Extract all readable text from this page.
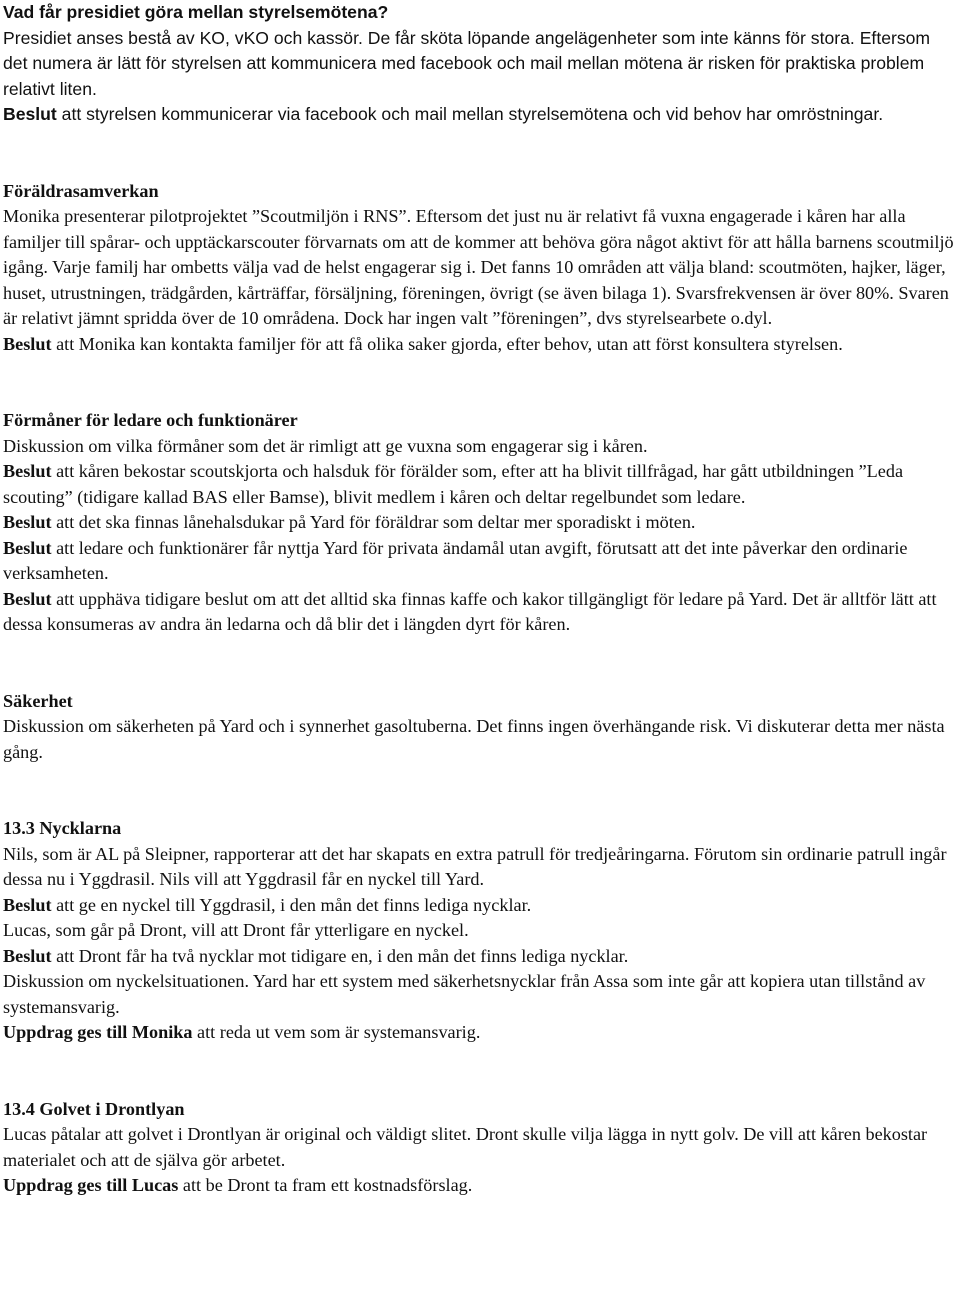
Vad får presidiet göra mellan styrelsemötena?

Presidiet anses bestå av KO, vKO och kassör. De får sköta löpande angelägenheter som inte känns för stora. Eftersom det numera är lätt för styrelsen att kommunicera med facebook och mail mellan mötena är risken för praktiska problem relativt liten.

Beslut att styrelsen kommunicerar via facebook och mail mellan styrelsemötena och vid behov har omröstningar.

Föräldrasamverkan

Monika presenterar pilotprojektet ”Scoutmiljön i RNS”. Eftersom det just nu är relativt få vuxna engagerade i kåren har alla familjer till spårar- och upptäckarscouter förvarnats om att de kommer att behöva göra något aktivt för att hålla barnens scoutmiljö igång. Varje familj har ombetts välja vad de helst engagerar sig i. Det fanns 10 områden att välja bland: scoutmöten, hajker, läger, huset, utrustningen, trädgården, kårträffar, försäljning, föreningen, övrigt (se även bilaga 1). Svarsfrekvensen är över 80%. Svaren är relativt jämnt spridda över de 10 områdena. Dock har ingen valt ”föreningen”, dvs styrelsearbete o.dyl.

Beslut att Monika kan kontakta familjer för att få olika saker gjorda, efter behov, utan att först konsultera styrelsen.

Förmåner för ledare och funktionärer

Diskussion om vilka förmåner som det är rimligt att ge vuxna som engagerar sig i kåren.

Beslut att kåren bekostar scoutskjorta och halsduk för förälder som, efter att ha blivit tillfrågad, har gått utbildningen ”Leda scouting” (tidigare kallad BAS eller Bamse), blivit medlem i kåren och deltar regelbundet som ledare.

Beslut att det ska finnas lånehalsdukar på Yard för föräldrar som deltar mer sporadiskt i möten.

Beslut att ledare och funktionärer får nyttja Yard för privata ändamål utan avgift, förutsatt att det inte påverkar den ordinarie verksamheten.

Beslut att upphäva tidigare beslut om att det alltid ska finnas kaffe och kakor tillgängligt för ledare på Yard. Det är alltför lätt att dessa konsumeras av andra än ledarna och då blir det i längden dyrt för kåren.

Säkerhet

Diskussion om säkerheten på Yard och i synnerhet gasoltuberna. Det finns ingen överhängande risk. Vi diskuterar detta mer nästa gång.

13.3 Nycklarna

Nils, som är AL på Sleipner, rapporterar att det har skapats en extra patrull för tredjeåringarna. Förutom sin ordinarie patrull ingår dessa nu i Yggdrasil. Nils vill att Yggdrasil får en nyckel till Yard.

Beslut att ge en nyckel till Yggdrasil, i den mån det finns lediga nycklar.

Lucas, som går på Dront, vill att Dront får ytterligare en nyckel.

Beslut att Dront får ha två nycklar mot tidigare en, i den mån det finns lediga nycklar.

Diskussion om nyckelsituationen. Yard har ett system med säkerhetsnycklar från Assa som inte går att kopiera utan tillstånd av systemansvarig.

Uppdrag ges till Monika att reda ut vem som är systemansvarig.

13.4 Golvet i Drontlyan

Lucas påtalar att golvet i Drontlyan är original och väldigt slitet. Dront skulle vilja lägga in nytt golv. De vill att kåren bekostar materialet och att de själva gör arbetet.

Uppdrag ges till Lucas att be Dront ta fram ett kostnadsförslag.
